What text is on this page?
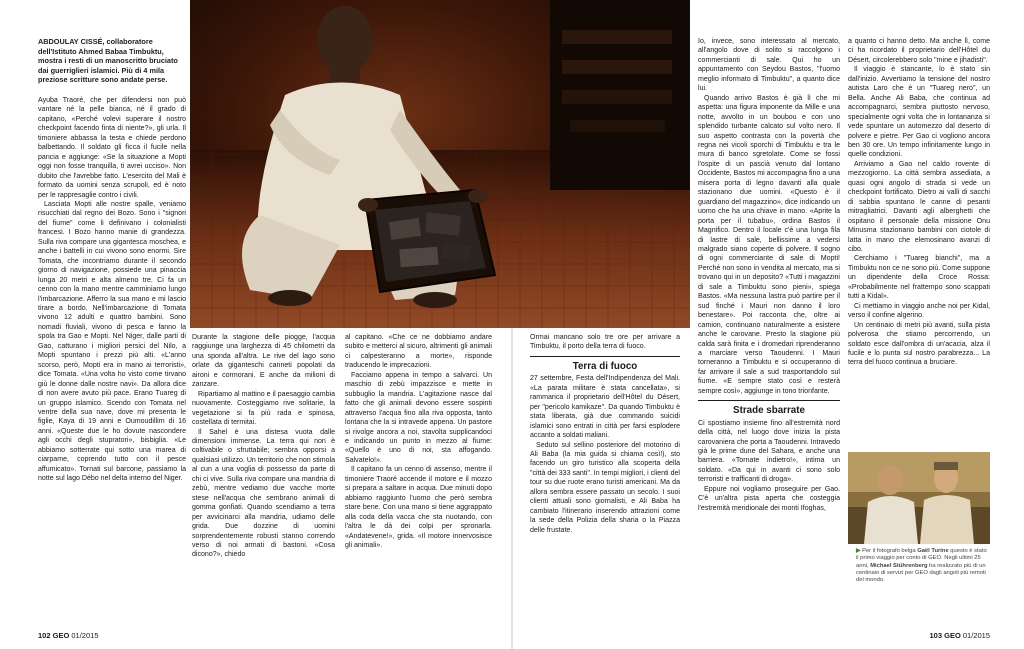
ABDOULAY CISSÉ, collaboratore dell'Istituto Ahmed Babaa Timbuktu, mostra i resti di un manoscritto bruciato dai guerriglieri islamici. Più di 4 mila preziose scritture sono andate perse.

Ayuba Traoré, che per difendersi non può vantare né la pelle bianca, né il grado di capitano, «Perché volevi superare il nostro checkpoint facendo finta di niente?», gli urla. Il timoniere abbassa la testa e chiede perdono balbettando. Il soldato gli fìcca il fucile nella pancia e aggiunge: «Se la situazione a Mopti oggi non fosse tranquilla, ti avrei ucciso». Non dubito che l'avrebbe fatto. L'esercito del Mali è formato da uomini senza scrupoli, ed è noto per le rappresaglie contro i civili.

Lasciata Mopti alle nostre spalle, veniamo risucchiati dal regno dei Bozo. Sono i "signori del fiume" come li definivano i colonialisti francesi. I Bozo hanno manie di grandezza. Sulla riva compare una gigantesca moschea, e anche i battelli in cui vivono sono enormi. Sire Tomata, che incontriamo durante il secondo giorno di navigazione, possiede una pinaccia lunga 20 metri e alta almeno tre. Ci fa un cenno con la mano mentre camminiamo lungo l'imbarcazione. Afferro la sua mano e mi lascio tirare a bordo. Nell'imbarcazione di Tomata vivono 12 adulti e quattro bambini. Sono nomadi fluviali, vivono di pesca e fanno la spola tra Gao e Mopti. Nel Niger, dalle parti di Gao, catturano i migliori persici del Nilo, a Mopti spuntano i prezzi più alti. «L'anno scorso, però, Mopti era in mano ai terroristi», dice Tomata. «Una volta ho visto come tirvano giù le donne dalle nostre navi». Da allora dice di non avere avuto più pace. Erano Tuareg di un gruppo islamico. Scendo con Tomata nel ventre della sua nave, dove mi presenta le figlie, Kaya di 19 anni e Oumoudillim di 16 anni. «Queste due le ho dovute nascondere agli occhi degli stupratori», bisbiglia. «Le abbiamo sotterrate qui sotto una marea di ciarpame, coprendo tutto con il pesce affumicato». Tornati sul barcone, passiamo la notte sul lago Débo nel delta interno del Niger.

Durante la stagione delle piogge, l'acqua raggiunge una larghezza di 45 chilometri da una sponda all'altra. Le rive del lago sono orlate da giganteschi canneti popolati da aironi e cormorani. E anche da milioni di zanzare.

Ripartiamo al mattino e il paesaggio cambia nuovamente. Costeggiamo rive solitarie, la vegetazione si fa più rada e spinosa, costellata di termitai.

Il Sahel è una distesa vuota dalle dimensioni immense. La terra qui non è coltivabile o sfruttabile; sembra opporsi a qualsiasi utilizzo. Un territorio che non stimola al cun a una voglia di possesso da parte di chi ci vive. Sulla riva compare una mandria di zebù, mentre vediamo due vacche morte stese nell'acqua che sembrano animali di gomma gonfiati. Quando scendiamo a terra per avvicinarci alla mandria, udiamo delle grida. Due dozzine di uomini sorprendentemente robusti stanno correndo verso di noi armati di bastoni. «Cosa dicono?», chiedo

al capitano. «Che ce ne dobbiamo andare subito e metterci al sicuro, altrimenti gli animali ci calpesteranno a morte», risponde traducendo le imprecazioni.

Facciamo appena in tempo a salvarci. Un maschio di zebù impazzisce e mette in subbuglio la mandria. L'agitazione nasce dal fatto che gli animali devono essere sospinti attraverso l'acqua fino alla riva opposta, tanto lontana che la si intravede appena. Un pastore si rivolge ancora a noi, stavolta supplicandoci e indicando un punto in mezzo al fiume: «Quello è uno di noi, sta affogando. Salvatelo!».

Il capitano fa un cenno di assenso, mentre il timoniere Traoré accende il motore e il mozzo si prepara a saltare in acqua. Due minuti dopo abbiamo raggiunto l'uomo che però sembra stare bene. Con una mano si tiene aggrappato alla coda della vacca che sta nuotando, con l'altra le dà dei colpi per spronarla. «Andateveneǃ», grida. «Il motore innervosisce gli animali».

Ormai mancano solo tre ore per arrivare a Timbuktu, il porto della terra di fuoco.

Terra di fuoco

27 settembre, Festa dell'Indipendenza del Mali. «La parata militare è stata cancellata», si rammarica il proprietario dell'Hôtel du Désert, per "pericolo kamikaze". Da quando Timbuktu è stata liberata, già due commando suicidi islamici sono entrati in città per farsi esplodere accanto a soldati maliani.

Seduto sul sellino posteriore del motorino di Ali Baba (la mia guida si chiama così!), sto facendo un giro turistico alla scoperta della "città dei 333 santi". In tempi migliori, i clienti del tour su due ruote erano turisti americani. Ma da allora sembra essere passato un secolo. I suoi clienti attuali sono giornalisti, e Ali Baba ha cambiato l'itinerario inserendo attrazioni come la sede della Polizia della sharia o la Piazza delle frustate.

Io, invece, sono interessato al mercato, all'angolo dove di solito si raccolgono i commercianti di sale. Qui ho un appuntamento con Seydou Bastos, "l'uomo meglio informato di Timbuktu", a quanto dice lui.

Quando arrivo Bastos è già lì che mi aspetta: una figura imponente da Mille e una notte, avvolto in un boubou e con uno splendido turbante calcato sul volto nero. Il suo aspetto contrasta con la povertà che regna nei vicoli sporchi di Timbuktu e tra le mura di banco sgretolate. Come se fossi l'ospite di un pascià venuto dal lontano Occidente, Bastos mi accompagna fino a una misera porta di legno davanti alla quale stazionano due uomini. «Questo è il guardiano del magazzino», dice indicando un uomo che ha una chiave in mano. «Aprite la porta per il tubabu», ordina Bastos il Magnifico. Dentro il locale c'è una lunga fila di lastre di sale, bellissime a vedersi malgrado siano coperte di polvere. Il sogno di ogni commerciante di sale di Mopti! Perché non sono in vendita al mercato, ma si trovano qui in un deposito? «Tutti i magazzini di sale a Timbuktu sono pieni», spiega Bastos. «Ma nessuna lastra può partire per il sud finché i Mauri non danno il loro benestare». Poi racconta che, oltre ai camion, continuano naturalmente a esistere anche le carovane. Presto la stagione più calda sarà finita e i dromedari riprenderanno a marciare verso Taoudenni. I Mauri torneranno a Timbuktu e si occuperanno di far arrivare il sale a sud trasportandolo sul fiume. «E sempre stato così e resterà sempre così», aggiunge in tono trionfante.

Strade sbarrate

Ci spostiamo insieme fino all'estremità nord della città, nel luogo dove inizia la pista carovaniera che porta a Taoudenni. Intravedo già le prime dune del Sahara, e anche una barriera. «Tornate indietro!», intima un soldato. «Da qui in avanti ci sono solo terroristi e trafficanti di droga».

Eppure noi vogliamo proseguire per Gao. C'è un'altra pista aperta che costeggia l'estremità meridionale dei monti Ifoghas,

a quanto ci hanno detto. Ma anche lì, come ci ha ricordato il proprietario dell'Hôtel du Désert, circolerebbero solo "mine e jihadisti".

Il viaggio è stancante, lo è stato sin dall'inizio. Avvertiamo la tensione del nostro autista Laro che è un "Tuareg nero", un Bella. Anche Ali Baba, che continua ad accompagnarci, sembra piuttosto nervoso, specialmente ogni volta che in lontananza si vede spuntare un automezzo dal deserto di polvere e pietre. Per Gao ci vogliono ancora ben 30 ore. Un tempo infinitamente lungo in quelle condizioni.

Arriviamo a Gao nel caldo rovente di mezzogiorno. La città sembra assediata, a quasi ogni angolo di strada si vede un checkpoint fortificato. Dietro ai valli di sacchi di sabbia spuntano le canne di pesanti mitragliatrici. Davanti agli alberghetti che ospitano il personale della missione Onu Minusma stazionano bambini con ciotole di latta in mano che elemosinano avanzi di cibo.

Cerchiamo i "Tuareg bianchi", ma a Timbuktu non ce ne sono più. Come suppone un dipendente della Croce Rossa: «Probabilmente nel frattempo sono scappati tutti a Kidal».

Ci mettiamo in viaggio anche noi per Kidal, verso il confine algerino.

Un centinaio di metri più avanti, sulla pista polverosa che stiamo percorrendo, un soldato esce dall'ombra di un'acacia, alza il fucile e lo punta sul nostro parabrezza... La terra del fuoco continua a bruciare.

▶ Per il fotografo belga Gaël Turine questo è stato il primo viaggio per conto di GEO. Negli ultimi 25 anni, Michael Stührenberg ha realizzato più di un centinaio di servizi per GEO dagli angoli più remoti del mondo.
102 GEO 01/2015	103 GEO 01/2015
